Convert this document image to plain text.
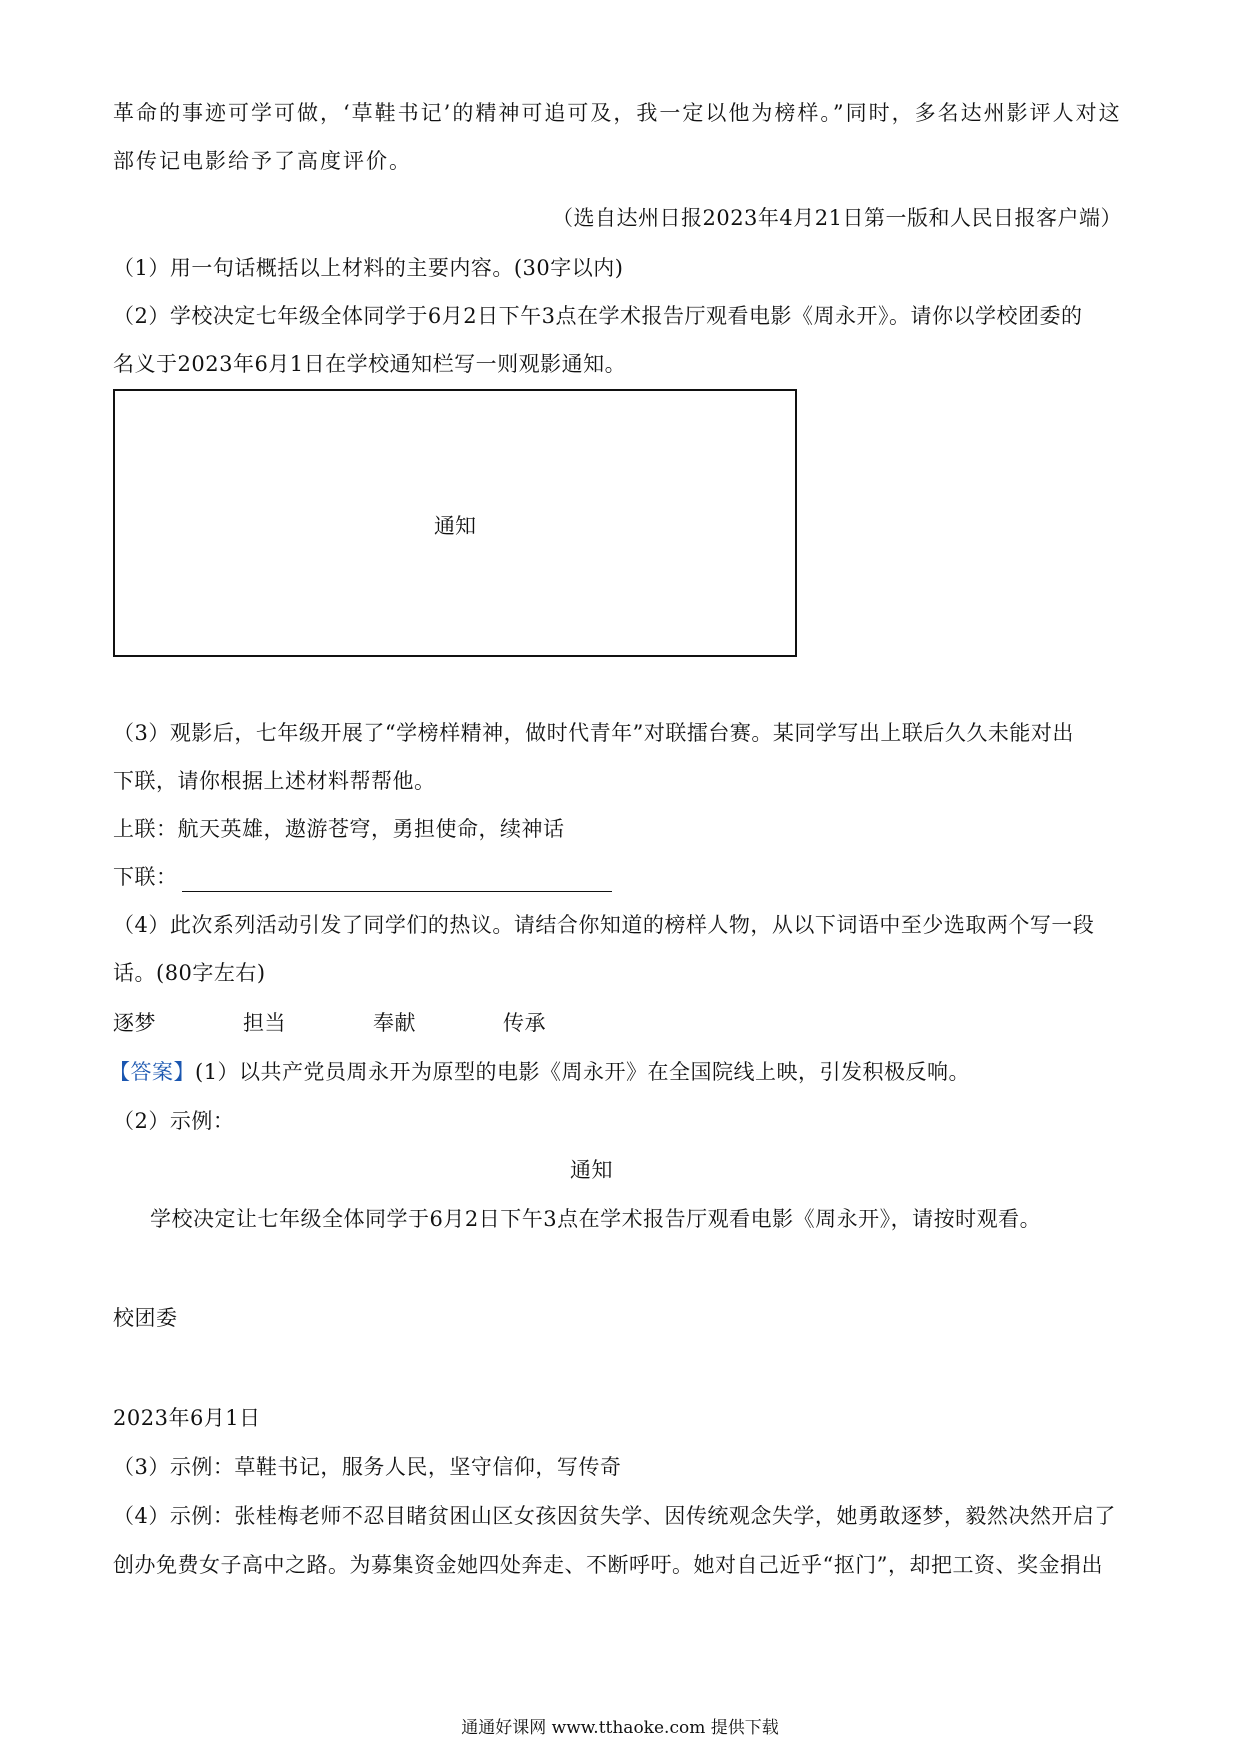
革命的事迹可学可做，‘草鞋书记’的精神可追可及，我一定以他为榜样。”同时，多名达州影评人对这
部传记电影给予了高度评价。
（选自达州日报2023年4月21日第一版和人民日报客户端）
（1）用一句话概括以上材料的主要内容。(30字以内)
（2）学校决定七年级全体同学于6月2日下午3点在学术报告厅观看电影《周永开》。请你以学校团委的
名义于2023年6月1日在学校通知栏写一则观影通知。
通知
（3）观影后，七年级开展了“学榜样精神，做时代青年”对联擂台赛。某同学写出上联后久久未能对出
下联，请你根据上述材料帮帮他。
上联：航天英雄，遨游苍穹，勇担使命，续神话
下联：
（4）此次系列活动引发了同学们的热议。请结合你知道的榜样人物，从以下词语中至少选取两个写一段
话。(80字左右)
逐梦	担当	奉献	传承
【答案】(1）以共产党员周永开为原型的电影《周永开》在全国院线上映，引发积极反响。
（2）示例：
通知
学校决定让七年级全体同学于6月2日下午3点在学术报告厅观看电影《周永开》，请按时观看。
校团委
2023年6月1日
（3）示例：草鞋书记，服务人民，坚守信仰，写传奇
（4）示例：张桂梅老师不忍目睹贫困山区女孩因贫失学、因传统观念失学，她勇敢逐梦，毅然决然开启了
创办免费女子高中之路。为募集资金她四处奔走、不断呼吁。她对自己近乎“抠门”，却把工资、奖金捐出
通通好课网 www.tthaoke.com 提供下载
